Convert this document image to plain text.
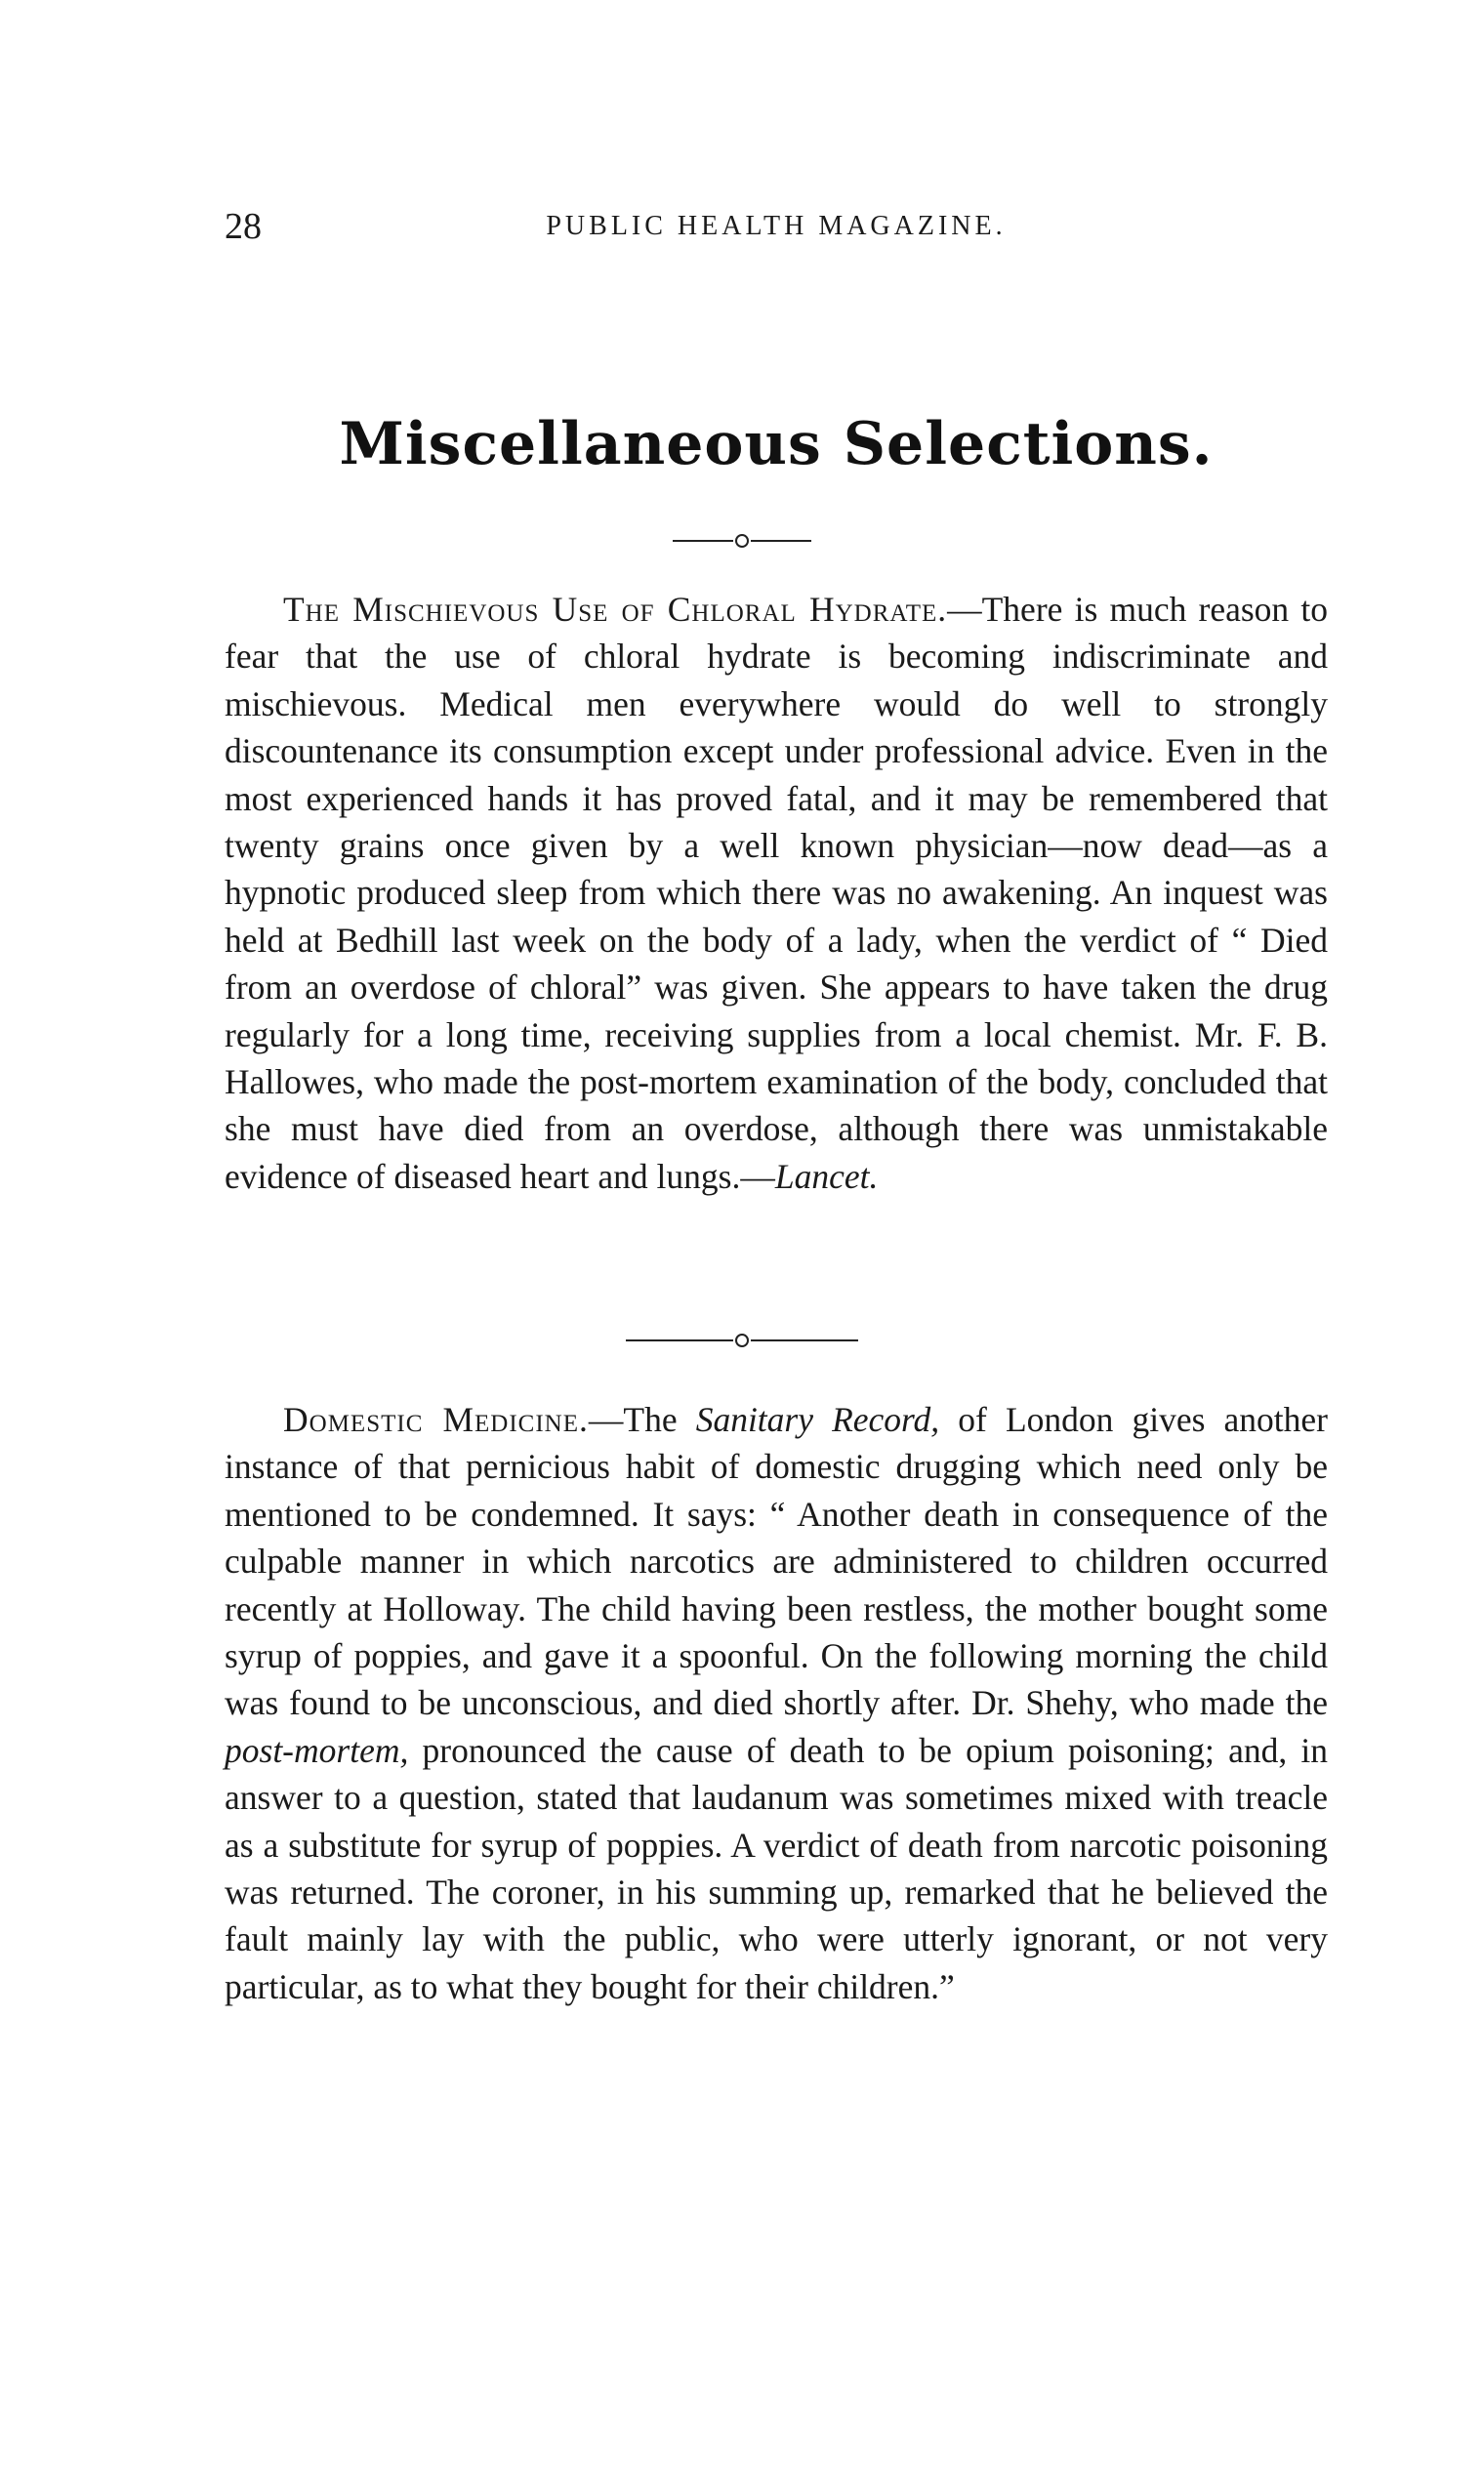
28	PUBLIC HEALTH MAGAZINE.
Miscellaneous Selections.

The Mischievous Use of Chloral Hydrate.—There is much reason to fear that the use of chloral hydrate is becoming indiscriminate and mischievous. Medical men everywhere would do well to strongly discountenance its consumption except under professional advice. Even in the most experienced hands it has proved fatal, and it may be remembered that twenty grains once given by a well known physician—now dead—as a hypnotic produced sleep from which there was no awakening. An inquest was held at Bedhill last week on the body of a lady, when the verdict of “ Died from an overdose of chloral” was given. She appears to have taken the drug regularly for a long time, receiving supplies from a local chemist. Mr. F. B. Hallowes, who made the post-mortem examination of the body, concluded that she must have died from an overdose, although there was unmistakable evidence of diseased heart and lungs.—Lancet.

Domestic Medicine.—The Sanitary Record, of London gives another instance of that pernicious habit of domestic drugging which need only be mentioned to be condemned. It says: “ Another death in consequence of the culpable manner in which narcotics are administered to children occurred recently at Holloway. The child having been restless, the mother bought some syrup of poppies, and gave it a spoonful. On the following morning the child was found to be unconscious, and died shortly after. Dr. Shehy, who made the post-mortem, pronounced the cause of death to be opium poisoning; and, in answer to a question, stated that laudanum was sometimes mixed with treacle as a substitute for syrup of poppies. A verdict of death from narcotic poisoning was returned. The coroner, in his summing up, remarked that he believed the fault mainly lay with the public, who were utterly ignorant, or not very particular, as to what they bought for their children.”
